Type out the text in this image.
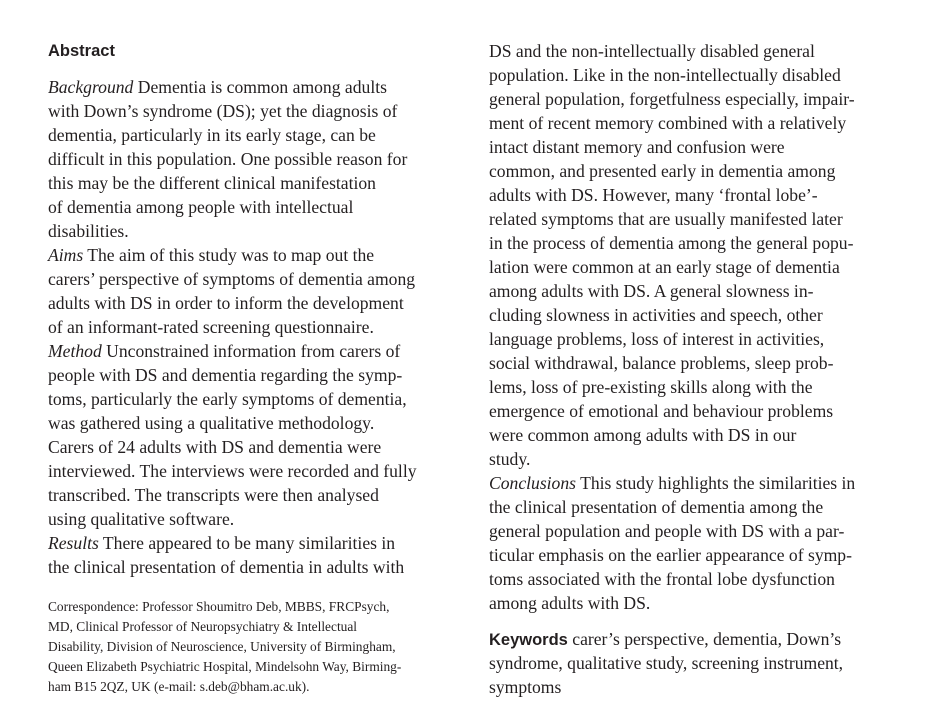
Abstract
Background Dementia is common among adults
with Down’s syndrome (DS); yet the diagnosis of
dementia, particularly in its early stage, can be
difficult in this population. One possible reason for
this may be the different clinical manifestation
of dementia among people with intellectual
disabilities.
Aims The aim of this study was to map out the
carers’ perspective of symptoms of dementia among
adults with DS in order to inform the development
of an informant-rated screening questionnaire.
Method Unconstrained information from carers of
people with DS and dementia regarding the symp-
toms, particularly the early symptoms of dementia,
was gathered using a qualitative methodology.
Carers of 24 adults with DS and dementia were
interviewed. The interviews were recorded and fully
transcribed. The transcripts were then analysed
using qualitative software.
Results There appeared to be many similarities in
the clinical presentation of dementia in adults with
Correspondence: Professor Shoumitro Deb, MBBS, FRCPsych,
MD, Clinical Professor of Neuropsychiatry & Intellectual
Disability, Division of Neuroscience, University of Birmingham,
Queen Elizabeth Psychiatric Hospital, Mindelsohn Way, Birming-
ham B15 2QZ, UK (e-mail: s.deb@bham.ac.uk).
DS and the non-intellectually disabled general
population. Like in the non-intellectually disabled
general population, forgetfulness especially, impair-
ment of recent memory combined with a relatively
intact distant memory and confusion were
common, and presented early in dementia among
adults with DS. However, many ‘frontal lobe’-
related symptoms that are usually manifested later
in the process of dementia among the general popu-
lation were common at an early stage of dementia
among adults with DS. A general slowness in-
cluding slowness in activities and speech, other
language problems, loss of interest in activities,
social withdrawal, balance problems, sleep prob-
lems, loss of pre-existing skills along with the
emergence of emotional and behaviour problems
were common among adults with DS in our
study.
Conclusions This study highlights the similarities in
the clinical presentation of dementia among the
general population and people with DS with a par-
ticular emphasis on the earlier appearance of symp-
toms associated with the frontal lobe dysfunction
among adults with DS.
Keywords carer’s perspective, dementia, Down’s
syndrome, qualitative study, screening instrument,
symptoms
